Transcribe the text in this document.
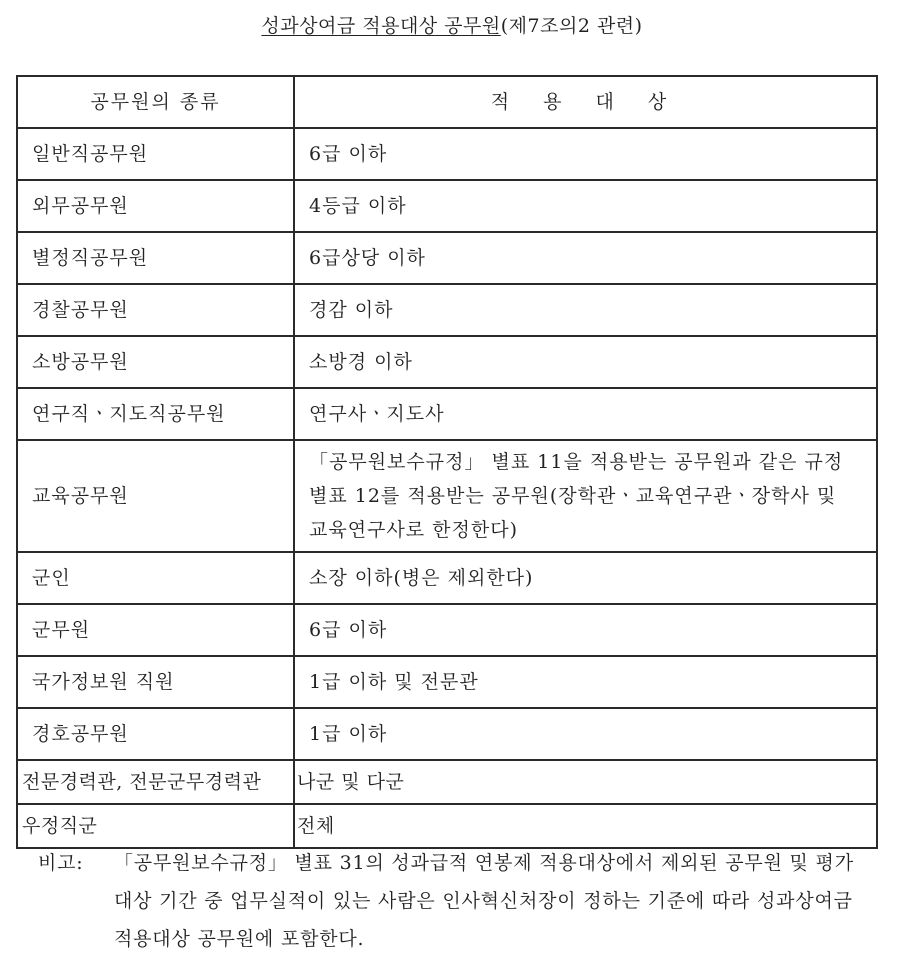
성과상여금 적용대상 공무원(제7조의2 관련)
공무원의 종류	적 용 대 상
일반직공무원	6급 이하
외무공무원	4등급 이하
별정직공무원	6급상당 이하
경찰공무원	경감 이하
소방공무원	소방경 이하
연구직ㆍ지도직공무원	연구사ㆍ지도사
교육공무원	「공무원보수규정」 별표 11을 적용받는 공무원과 같은 규정 별표 12를 적용받는 공무원(장학관ㆍ교육연구관ㆍ장학사 및 교육연구사로 한정한다)
군인	소장 이하(병은 제외한다)
군무원	6급 이하
국가정보원 직원	1급 이하 및 전문관
경호공무원	1급 이하
전문경력관, 전문군무경력관	나군 및 다군
우정직군	전체
비고: 「공무원보수규정」 별표 31의 성과급적 연봉제 적용대상에서 제외된 공무원 및 평가 대상 기간 중 업무실적이 있는 사람은 인사혁신처장이 정하는 기준에 따라 성과상여금 적용대상 공무원에 포함한다.
